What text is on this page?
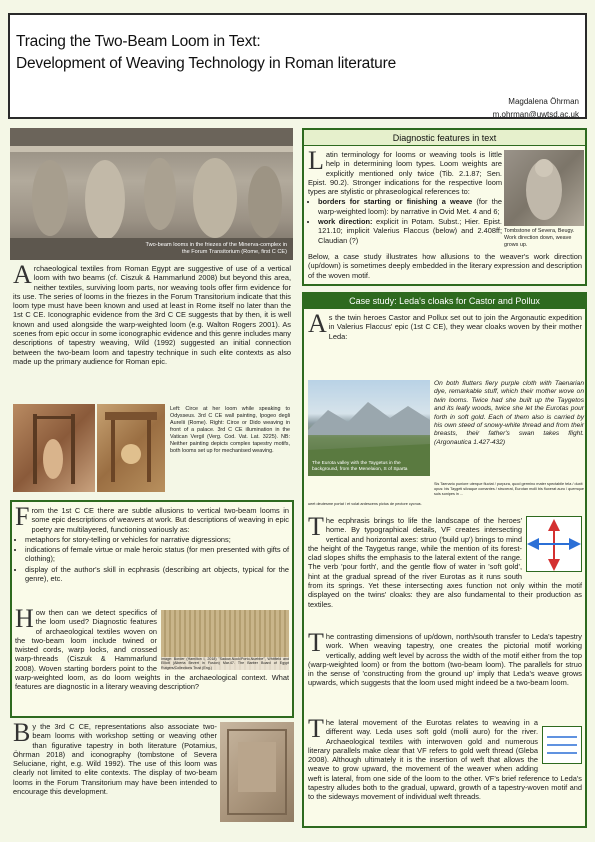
Tracing the Two-Beam Loom in Text:
Development of Weaving Technology in Roman literature
Magdalena Öhrman
m.ohrman@uwtsd.ac.uk
Two-beam looms in the friezes of the Minerva-complex in the Forum Transitorium (Rome, first C CE)
Archaeological textiles from Roman Egypt are suggestive of use of a vertical loom with two beams (cf. Ciszuk & Hammarlund 2008) but beyond this area, neither textiles, surviving loom parts, nor weaving tools offer firm evidence for its use. The series of looms in the friezes in the Forum Transitorium indicate that this loom type must have been known and used at least in Rome itself no later than the 1st C CE. Iconographic evidence from the 3rd C CE suggests that by then, it is well known and used alongside the warp-weighted loom (e.g. Walton Rogers 2001). As scenes from epic occur in some iconographic evidence and this genre includes many descriptions of tapestry weaving, Wild (1992) suggested an initial connection between the two-beam loom and tapestry technique in such elite contexts as also made up the primary audience for Roman epic.
Left: Circe at her loom while speaking to Odysseus. 3rd C CE wall painting, Ipogeo degli Aurelii (Rome). Right: Circe or Dido weaving in front of a palace. 3rd C CE illumination in the Vatican Vergil (Verg. Cod. Vat. Lat. 3225). NB: Neither painting depicts complex tapestry motifs, both looms set up for mechanised weaving.
From the 1st C CE there are subtle allusions to vertical two-beam looms in some epic descriptions of weavers at work. But descriptions of weaving in epic poetry are multilayered, functioning variously as:
• metaphors for story-telling or vehicles for narrative digressions;
• indications of female virtue or male heroic status (for men presented with gifts of clothing);
• display of the author's skill in ecphrasis (describing art objects, typical for the genre), etc.
Image: Border (Hamilton I, 2018) "Sadow-Nock/Porto-Nuebbe", Whitfield and Elliott (Alberta Bevert in Fusion) Mar.47. The Barber Board of Egypt Rutgers/Collections Trust (Eng.)
H ow then can we detect specifics of the loom used? Diagnostic features of archaeological textiles woven on the two-beam loom include twined or twisted cords, warp locks, and crossed warp-threads (Ciszuk & Hammarlund 2008). Woven starting borders point to the warp-weighted loom, as do loom weights in the archaeological context. What features are diagnostic in a literary weaving description?
By the 3rd C CE, representations also associate two-beam looms with workshop setting or weaving other than figurative tapestry in both literature (Potamius, Öhrman 2018) and iconography (tombstone of Severa Seluciane, right, e.g. Wild 1992). The use of this loom was clearly not limited to elite contexts. The display of two-beam looms in the Forum Transitorium may have been intended to encourage this development.
Diagnostic features in text
Latin terminology for looms or weaving tools is little help in determining loom types. Loom weights are explicitly mentioned only twice (Tib. 2.1.87; Sen. Epist. 90.2). Stronger indications for the respective loom types are stylistic or phraseological references to:
• borders for starting or finishing a weave (for the warp-weighted loom): by narrative in Ovid Met. 4 and 6;
• work direction: explicit in Potam. Subst.; Hier. Epist. 121.10; implicit Valerius Flaccus (below) and 2.408ff; Claudian (?)
Tombstone of Severa, Beugy. Work direction down, weave grows up.
Below, a case study illustrates how allusions to the weaver's work direction (up/down) is sometimes deeply embedded in the literary expression and description of the woven motif.
Case study: Leda's cloaks for Castor and Pollux
As the twin heroes Castor and Pollux set out to join the Argonautic expedition in Valerius Flaccus' epic (1st C CE), they wear cloaks woven by their mother Leda:
The Eurota valley with the Taygetus in the background, from the Menelaion, S of Sparta
On both flutters fiery purple cloth with Taenarian dye, remarkable stuff, which their mother wove on twin looms. Twice had she built up the Taygetos and its leafy woods, twice she let the Eurotas pour forth in soft gold. Each of them also is carried by his own steed of snowy-white thread and from their breasts, their father's swan takes flight. (Argonautica 1.427-432)
Sis Taenario puniore uterque fluctat / purpura, quod germino mater spectabile tela / duxit opus: bis Taygeti silvaque comantes / struxerat, Eurotan molli bis fluxerat auro / quemque suis sonipes in ...
ueet deutesme portat / et volat ardescens pictus de pectore cycnus.
The ecphrasis brings to life the landscape of the heroes' home. By typographical details, VF creates intersecting vertical and horizontal axes: struo ('build up') brings to mind the height of the Taygetus range, while the mention of its forest-clad slopes shifts the emphasis to the lateral extent of the range. The verb 'pour forth', and the gentle flow of water in 'soft gold', hint at the gradual spread of the river Eurotas as it runs south from its springs. Yet these intersecting axes function not only within the motif displayed on the twins' cloaks: they are also fundamental to their production as textiles.
The contrasting dimensions of up/down, north/south transfer to Leda's tapestry work. When weaving tapestry, one creates the pictorial motif working vertically, adding weft level by across the width of the motif either from the top (warp-weighted loom) or from the bottom (two-beam loom). The parallels for struo in the sense of 'constructing from the ground up' imply that Leda's weave grows upwards, which suggests that the loom used might indeed be a two-beam loom.
The lateral movement of the Eurotas relates to weaving in a different way. Leda uses soft gold (molli auro) for the river. Archaeological textiles with interwoven gold and numerous literary parallels make clear that VF refers to gold weft thread (Gleba 2008). Although ultimately it is the insertion of weft that allows the weave to grow upward, the movement of the weaver when adding weft is lateral, from one side of the loom to the other. VF's brief reference to Leda's tapestry alludes both to the gradual, upward, growth of a tapestry-woven motif and to the sideways movement of individual weft threads.
